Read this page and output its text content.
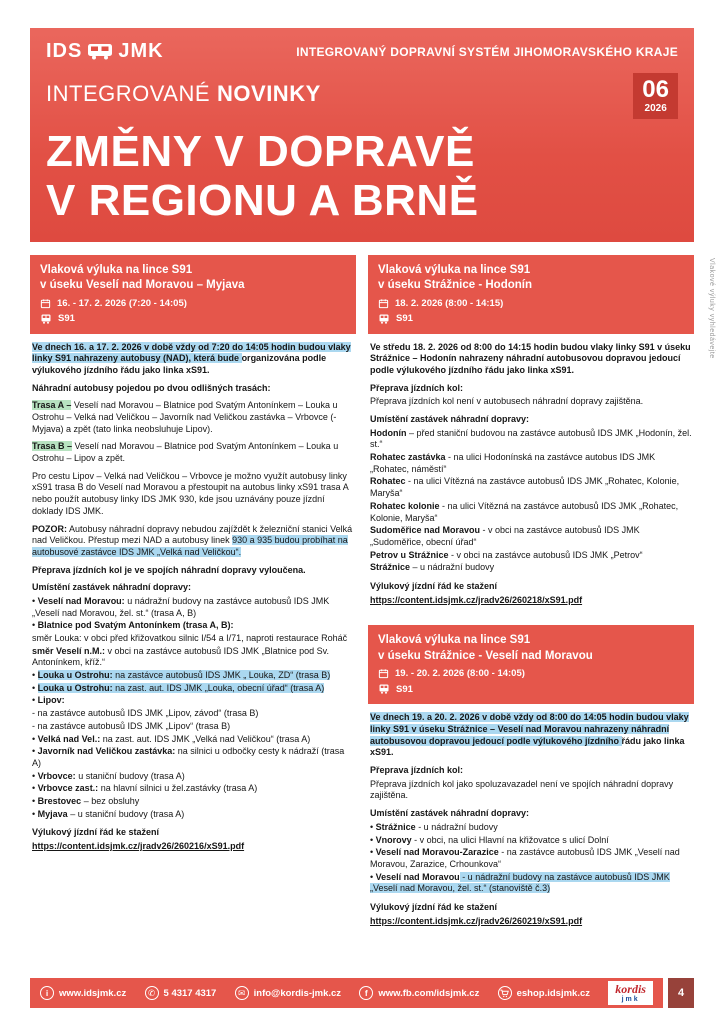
IDS JMK	INTEGROVANÝ DOPRAVNÍ SYSTÉM JIHOMORAVSKÉHO KRAJE
INTEGROVANÉ NOVINKY	06
2026
ZMĚNY V DOPRAVĚ
V REGIONU A BRNĚ
Vlaková výluka na lince S91
v úseku Veselí nad Moravou – Myjava
16. - 17. 2. 2026 (7:20 - 14:05)
S91
Ve dnech 16. a 17. 2. 2026 v době vždy od 7:20 do 14:05 hodin budou vlaky linky S91 nahrazeny autobusy (NAD), která bude organizována podle výlukového jízdního řádu jako linka xS91.
Náhradní autobusy pojedou po dvou odlišných trasách:
Trasa A – Veselí nad Moravou – Blatnice pod Svatým Antonínkem – Louka u Ostrohu – Velká nad Veličkou – Javorník nad Veličkou zastávka – Vrbovce (- Myjava) a zpět (tato linka neobsluhuje Lipov).
Trasa B – Veselí nad Moravou – Blatnice pod Svatým Antonínkem – Louka u Ostrohu – Lipov a zpět.
Pro cestu Lipov – Velká nad Veličkou – Vrbovce je možno využít autobusy linky xS91 trasa B do Veselí nad Moravou a přestoupit na autobus linky xS91 trasa A nebo použít autobusy linky IDS JMK 930, kde jsou uznávány pouze jízdní doklady IDS JMK.
POZOR: Autobusy náhradní dopravy nebudou zajíždět k železniční stanici Velká nad Veličkou. Přestup mezi NAD a autobusy linek 930 a 935 budou probíhat na autobusové zastávce IDS JMK „Velká nad Veličkou“.
Přeprava jízdních kol je ve spojích náhradní dopravy vyloučena.
Umístění zastávek náhradní dopravy:
• Veselí nad Moravou: u nádražní budovy na zastávce autobusů IDS JMK „Veselí nad Moravou, žel. st.“ (trasa A, B)
• Blatnice pod Svatým Antonínkem (trasa A, B):
směr Louka: v obci před křižovatkou silnic I/54 a I/71, naproti restaurace Roháč
směr Veselí n.M.: v obci na zastávce autobusů IDS JMK „Blatnice pod Sv. Antonínkem, kříž.“
• Louka u Ostrohu: na zastávce autobusů IDS JMK „ Louka, ZD“ (trasa B)
• Louka u Ostrohu: na zast. aut. IDS JMK „Louka, obecní úřad“ (trasa A)
• Lipov:
- na zastávce autobusů IDS JMK „Lipov, závod“ (trasa B)
- na zastávce autobusů IDS JMK „Lipov“ (trasa B)
• Velká nad Vel.: na zast. aut. IDS JMK „Velká nad Veličkou“ (trasa A)
• Javorník nad Veličkou zastávka: na silnici u odbočky cesty k nádraží (trasa A)
• Vrbovce: u staniční budovy (trasa A)
• Vrbovce zast.: na hlavní silnici u žel.zastávky (trasa A)
• Brestovec – bez obsluhy
• Myjava – u staniční budovy (trasa A)
Výlukový jízdní řád ke stažení
https://content.idsjmk.cz/jradv26/260216/xS91.pdf
Vlaková výluka na lince S91
v úseku Strážnice - Hodonín
18. 2. 2026 (8:00 - 14:15)
S91
Ve středu 18. 2. 2026 od 8:00 do 14:15 hodin budou vlaky linky S91 v úseku Strážnice – Hodonín nahrazeny náhradní autobusovou dopravou jedoucí podle výlukového jízdního řádu jako linka xS91.
Přeprava jízdních kol:
Přeprava jízdních kol není v autobusech náhradní dopravy zajištěna.
Umístění zastávek náhradní dopravy:
Hodonín – před staniční budovou na zastávce autobusů IDS JMK „Hodonín, žel. st.“
Rohatec zastávka - na ulici Hodonínská na zastávce autobus IDS JMK „Rohatec, náměstí“
Rohatec - na ulici Vítězná na zastávce autobusů IDS JMK „Rohatec, Kolonie, Maryša“
Rohatec kolonie - na ulici Vítězná na zastávce autobusů IDS JMK „Rohatec, Kolonie, Maryša“
Sudoměřice nad Moravou - v obci na zastávce autobusů IDS JMK „Sudoměřice, obecní úřad“
Petrov u Strážnice - v obci na zastávce autobusů IDS JMK „Petrov“
Strážnice – u nádražní budovy
Výlukový jízdní řád ke stažení
https://content.idsjmk.cz/jradv26/260218/xS91.pdf
Vlaková výluka na lince S91
v úseku Strážnice - Veselí nad Moravou
19. - 20. 2. 2026 (8:00 - 14:05)
S91
Ve dnech 19. a 20. 2. 2026 v době vždy od 8:00 do 14:05 hodin budou vlaky linky S91 v úseku Strážnice – Veselí nad Moravou nahrazeny náhradní autobusovou dopravou jedoucí podle výlukového jízdního řádu jako linka xS91.
Přeprava jízdních kol:
Přeprava jízdních kol jako spoluzavazadel není ve spojích náhradní dopravy zajištěna.
Umístění zastávek náhradní dopravy:
• Strážnice - u nádražní budovy
• Vnorovy - v obci, na ulici Hlavní na křižovatce s ulicí Dolní
• Veselí nad Moravou-Zarazice - na zastávce autobusů IDS JMK „Veselí nad Moravou, Zarazice, Crhounkova“
• Veselí nad Moravou - u nádražní budovy na zastávce autobusů IDS JMK „Veselí nad Moravou, žel. st.“ (stanoviště č.3)
Výlukový jízdní řád ke stažení
https://content.idsjmk.cz/jradv26/260219/xS91.pdf
Vlakové výluky vyhledávejte
i	www.idsjmk.cz	✆ 5 4317 4317	✉ info@kordis-jmk.cz	f	www.fb.com/idsjmk.cz	eshop.idsjmk.cz kordis
jmk
4
